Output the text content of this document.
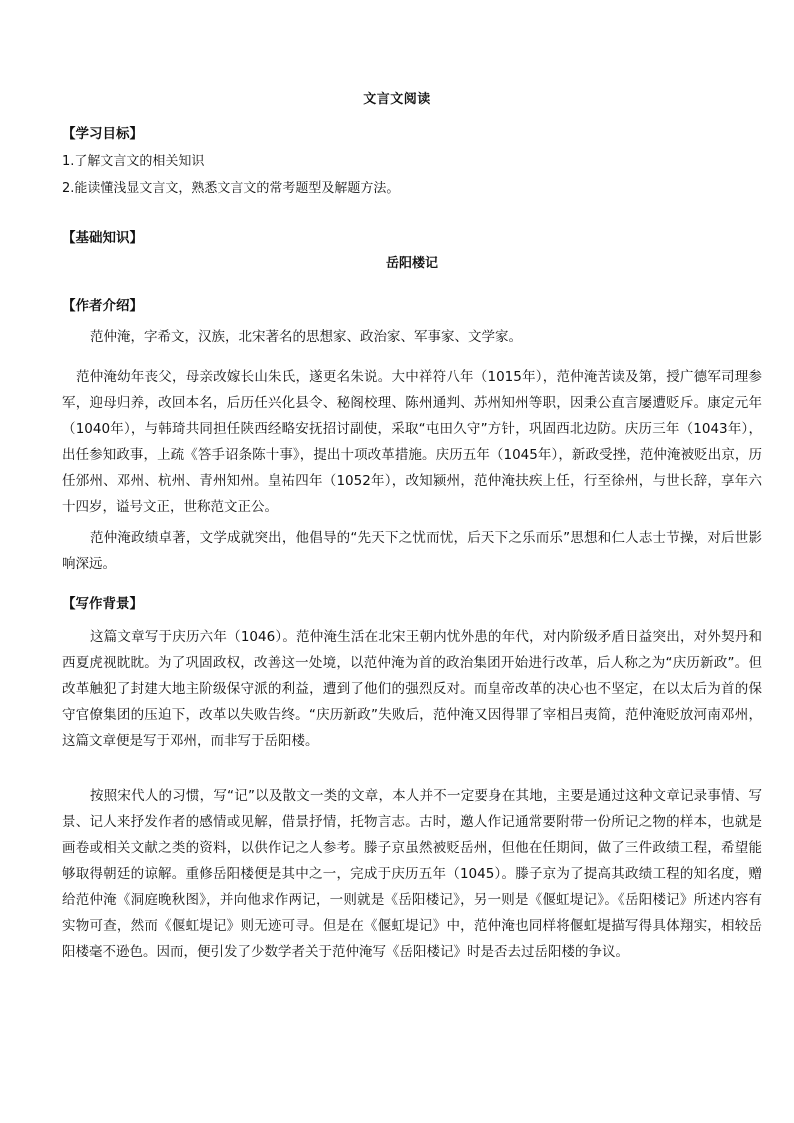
文言文阅读
【学习目标】
1.了解文言文的相关知识
2.能读懂浅显文言文，熟悉文言文的常考题型及解题方法。
【基础知识】
岳阳楼记
【作者介绍】

范仲淹，字希文，汉族，北宋著名的思想家、政治家、军事家、文学家。

范仲淹幼年丧父，母亲改嫁长山朱氏，遂更名朱说。大中祥符八年（1015年），范仲淹苦读及第，授广德军司理参军，迎母归养，改回本名，后历任兴化县令、秘阁校理、陈州通判、苏州知州等职，因秉公直言屡遭贬斥。康定元年（1040年），与韩琦共同担任陕西经略安抚招讨副使，采取“屯田久守”方针，巩固西北边防。庆历三年（1043年），出任参知政事，上疏《答手诏条陈十事》，提出十项改革措施。庆历五年（1045年），新政受挫，范仲淹被贬出京，历任邠州、邓州、杭州、青州知州。皇祐四年（1052年），改知颍州，范仲淹扶疾上任，行至徐州，与世长辞，享年六十四岁，谥号文正，世称范文正公。

范仲淹政绩卓著，文学成就突出，他倡导的“先天下之忧而忧，后天下之乐而乐”思想和仁人志士节操，对后世影响深远。

【写作背景】

这篇文章写于庆历六年（1046）。范仲淹生活在北宋王朝内忧外患的年代，对内阶级矛盾日益突出，对外契丹和西夏虎视眈眈。为了巩固政权，改善这一处境，以范仲淹为首的政治集团开始进行改革，后人称之为“庆历新政”。但改革触犯了封建大地主阶级保守派的利益，遭到了他们的强烈反对。而皇帝改革的决心也不坚定，在以太后为首的保守官僚集团的压迫下，改革以失败告终。“庆历新政”失败后，范仲淹又因得罪了宰相吕夷简，范仲淹贬放河南邓州，这篇文章便是写于邓州，而非写于岳阳楼。

按照宋代人的习惯，写“记”以及散文一类的文章，本人并不一定要身在其地，主要是通过这种文章记录事情、写景、记人来抒发作者的感情或见解，借景抒情，托物言志。古时，邀人作记通常要附带一份所记之物的样本，也就是画卷或相关文献之类的资料，以供作记之人参考。滕子京虽然被贬岳州，但他在任期间，做了三件政绩工程，希望能够取得朝廷的谅解。重修岳阳楼便是其中之一，完成于庆历五年（1045）。滕子京为了提高其政绩工程的知名度，赠给范仲淹《洞庭晚秋图》，并向他求作两记，一则就是《岳阳楼记》，另一则是《偃虹堤记》。《岳阳楼记》所述内容有实物可查，然而《偃虹堤记》则无迹可寻。但是在《偃虹堤记》中，范仲淹也同样将偃虹堤描写得具体翔实，相较岳阳楼毫不逊色。因而，便引发了少数学者关于范仲淹写《岳阳楼记》时是否去过岳阳楼的争议。
